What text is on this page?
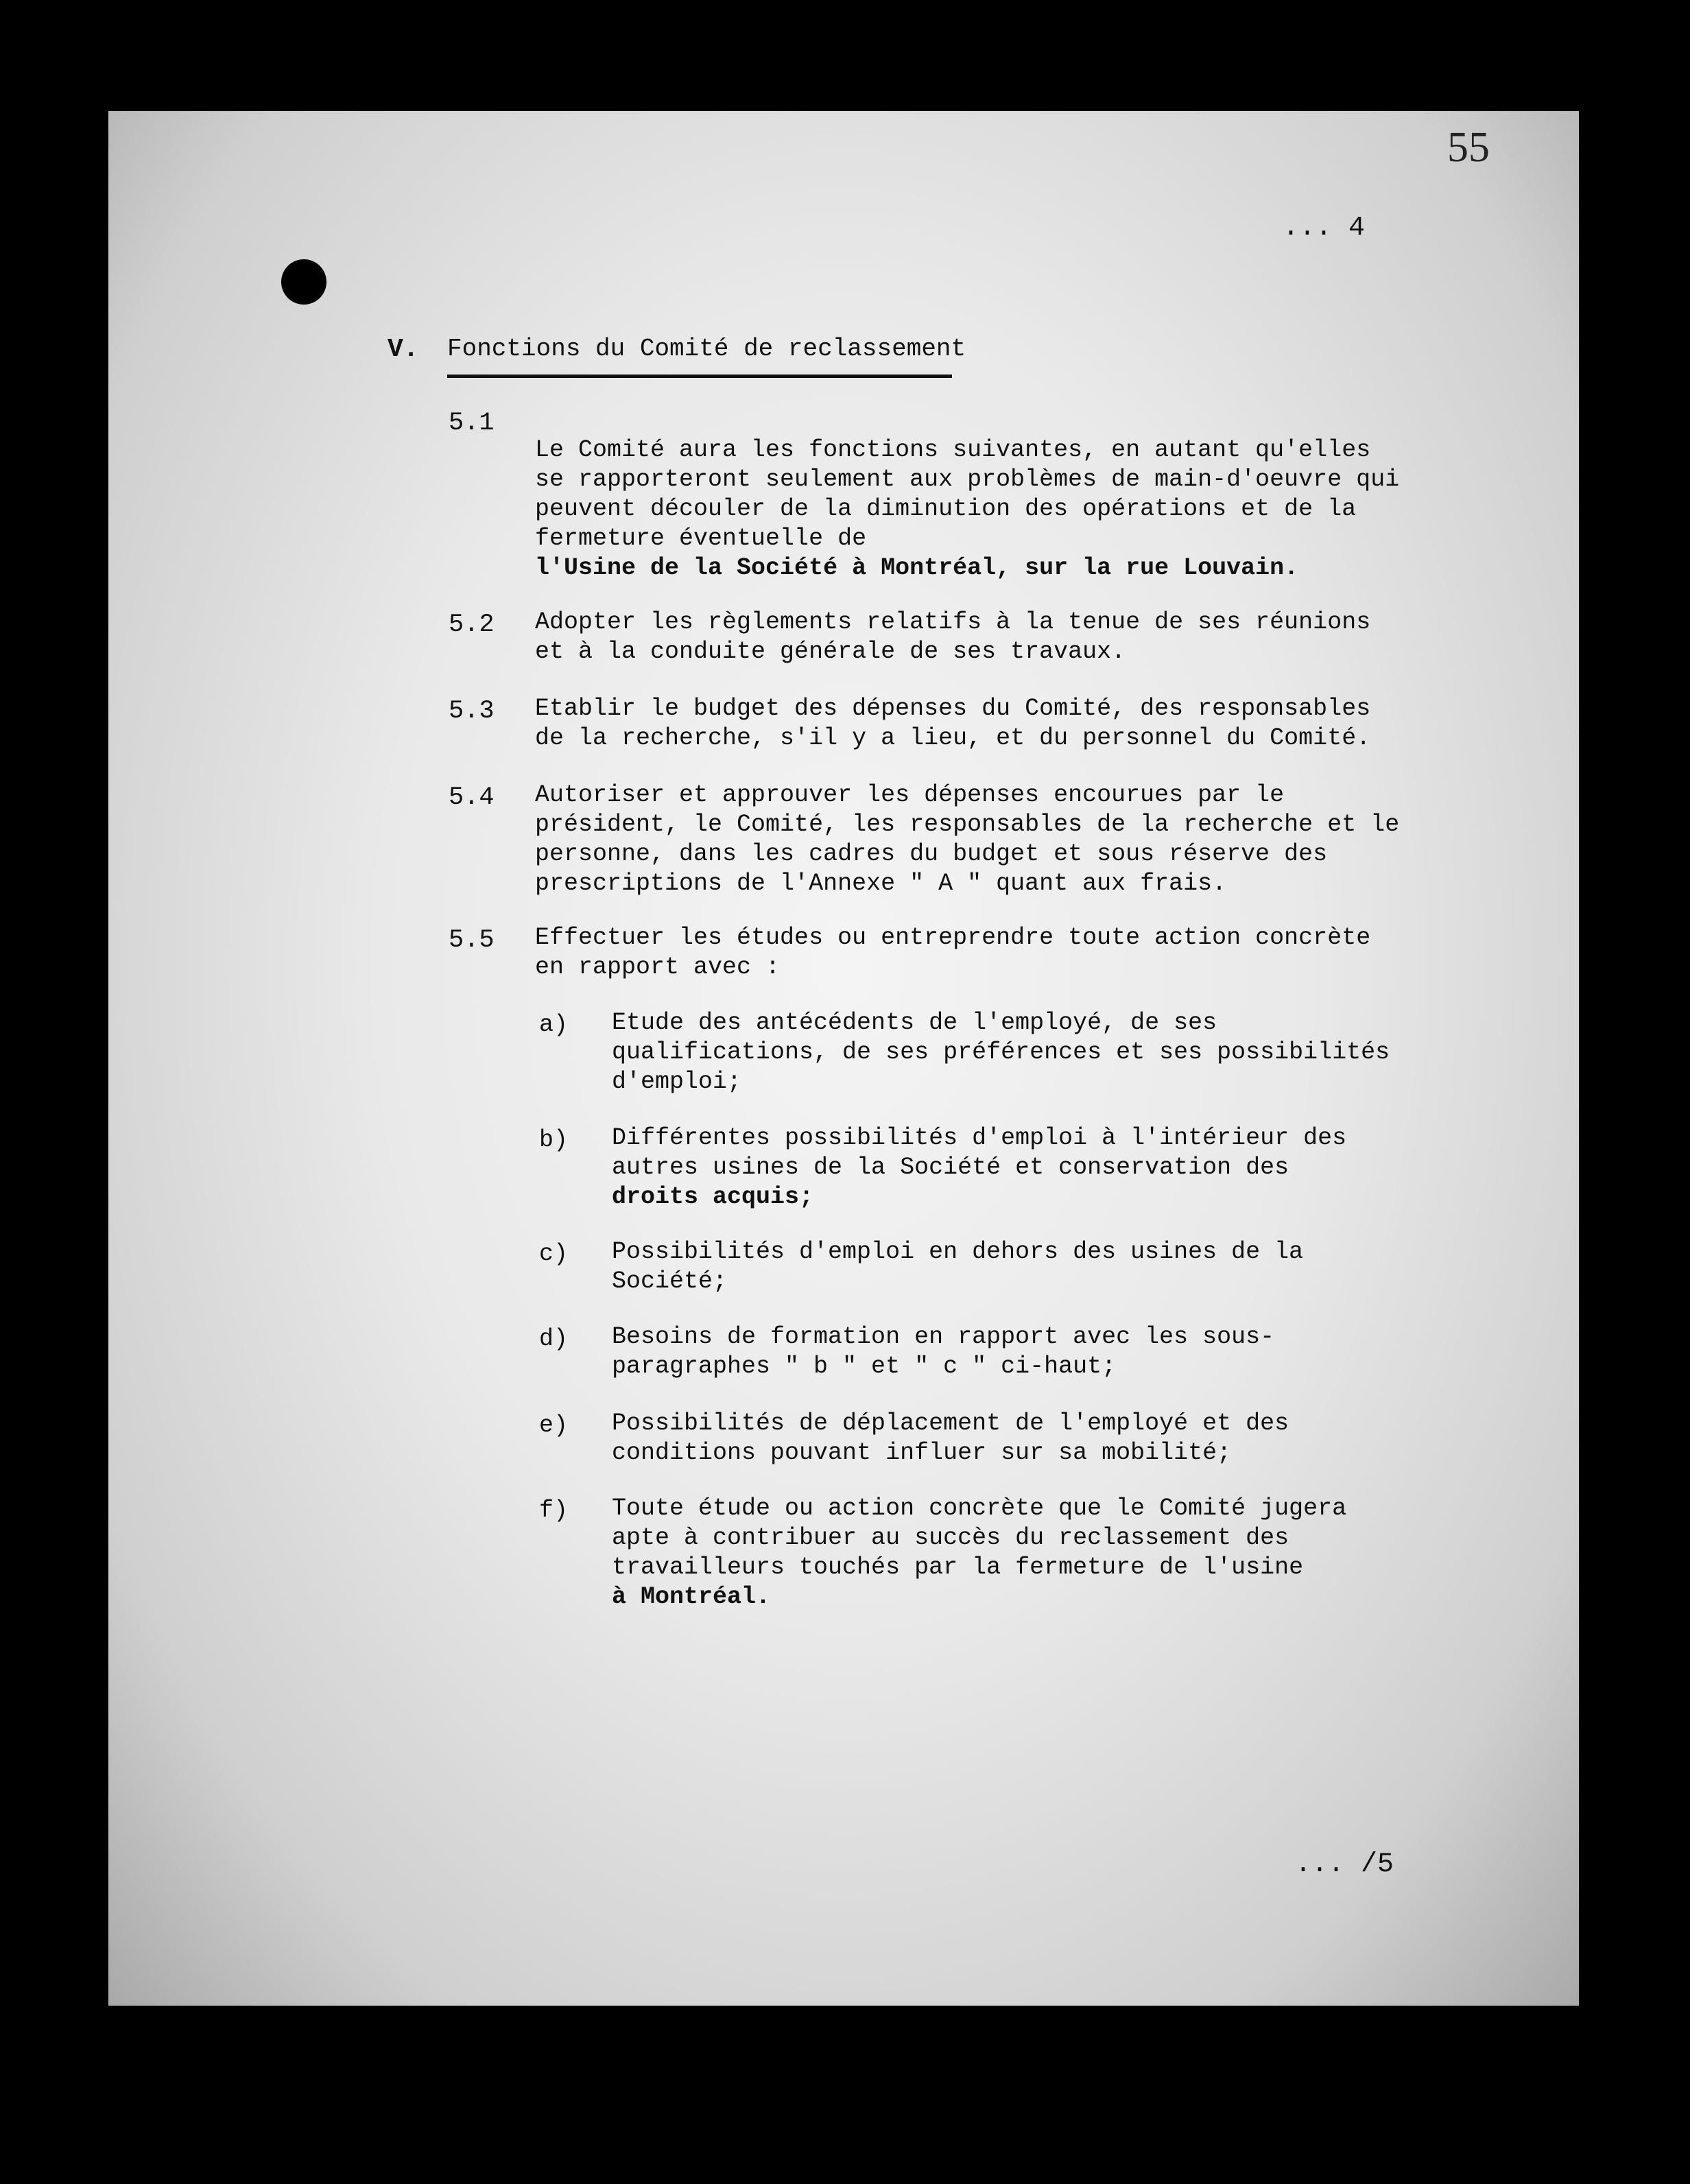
55
... 4
V. Fonctions du Comité de reclassement
5.1

Le Comité aura les fonctions suivantes, en autant qu'elles se rapporteront seulement aux problèmes de main-d'oeuvre qui peuvent découler de la diminution des opérations et de la fermeture éventuelle de

l'Usine de la Société à Montréal, sur la rue Louvain.

5.2 Adopter les règlements relatifs à la tenue de ses réunions et à la conduite générale de ses travaux.
5.3 Etablir le budget des dépenses du Comité, des responsables de la recherche, s'il y a lieu, et du personnel du Comité.
5.4 Autoriser et approuver les dépenses encourues par le président, le Comité, les responsables de la recherche et le personne, dans les cadres du budget et sous réserve des prescriptions de l'Annexe " A " quant aux frais.
5.5 Effectuer les études ou entreprendre toute action concrète en rapport avec :
a) Etude des antécédents de l'employé, de ses qualifications, de ses préférences et ses possibilités d'emploi;
b) Différentes possibilités d'emploi à l'intérieur des autres usines de la Société et conservation des
droits acquis;
c) Possibilités d'emploi en dehors des usines de la Société;
d) Besoins de formation en rapport avec les sous-paragraphes " b " et " c " ci-haut;
e) Possibilités de déplacement de l'employé et des conditions pouvant influer sur sa mobilité;
f) Toute étude ou action concrète que le Comité jugera apte à contribuer au succès du reclassement des travailleurs touchés par la fermeture de l'usine
à Montréal.
... /5
